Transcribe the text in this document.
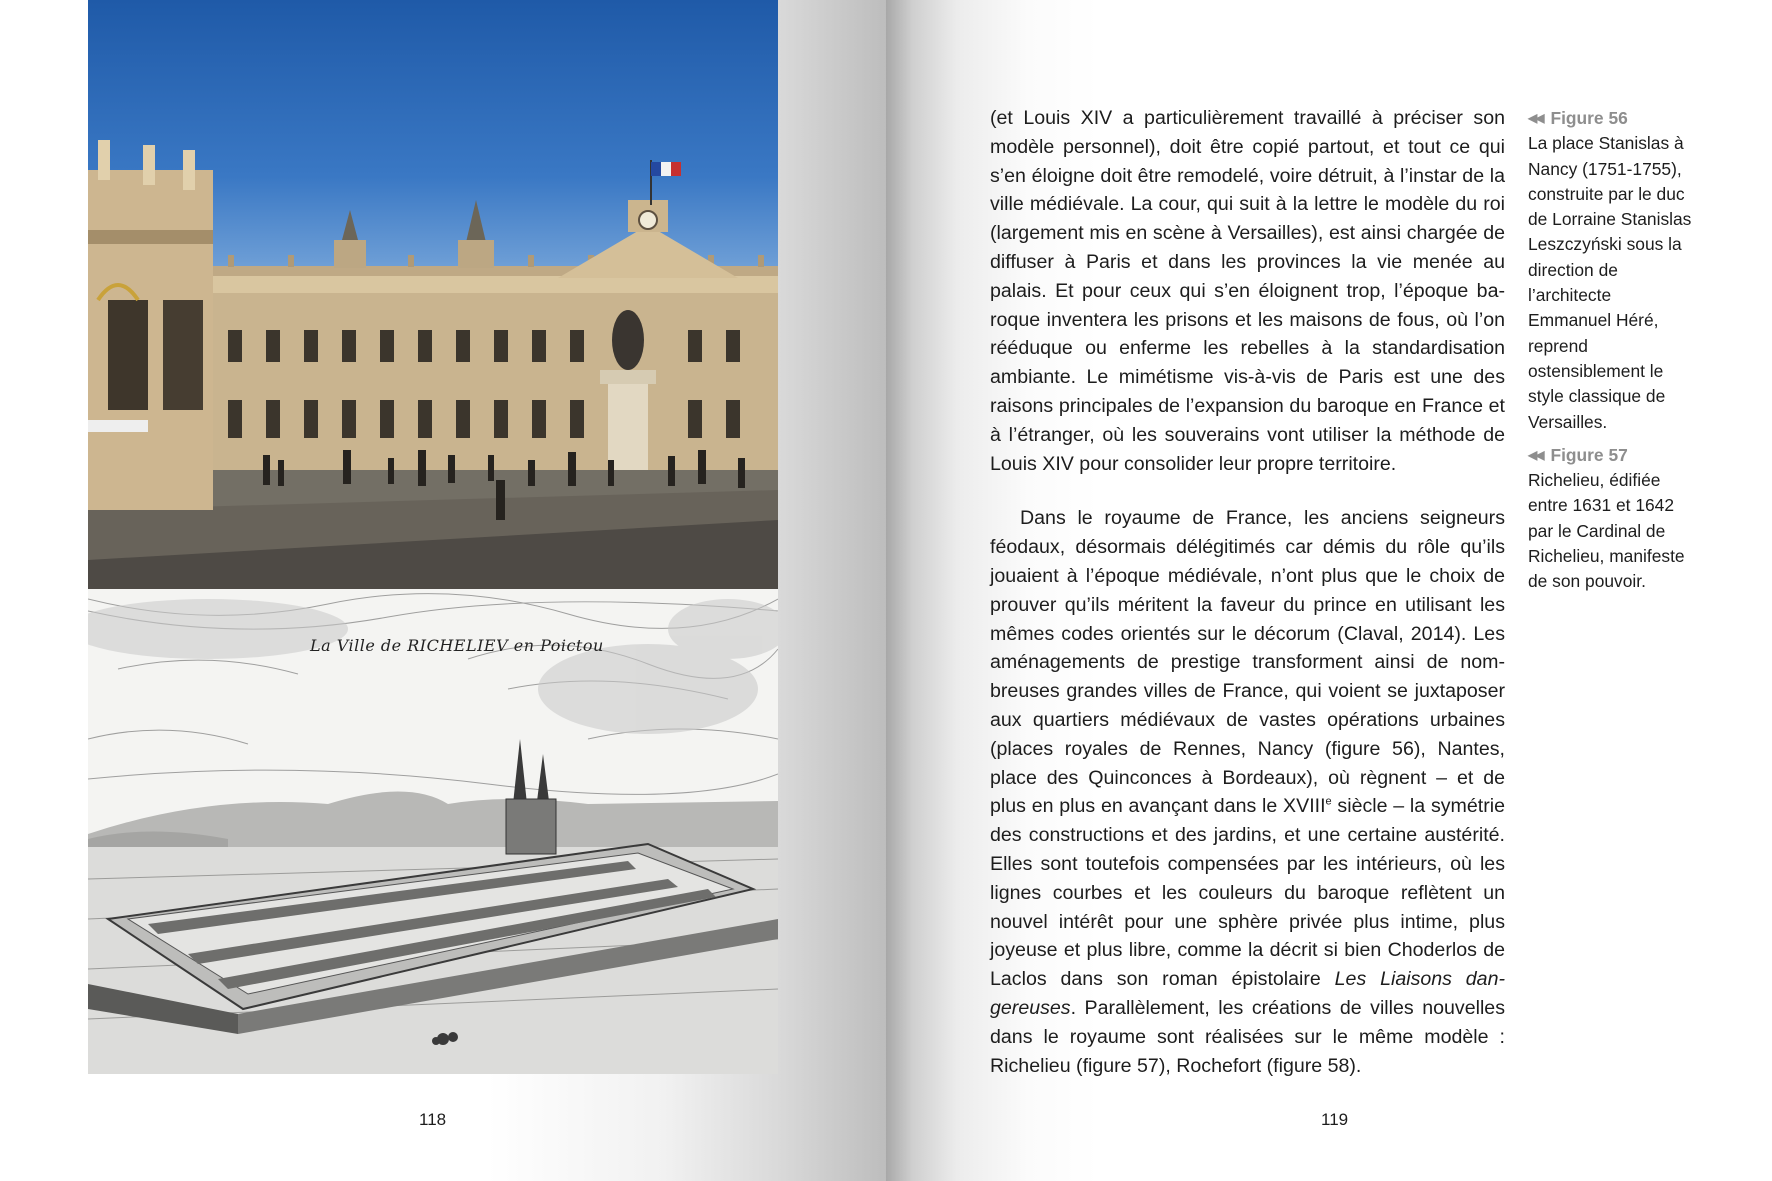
La Ville de RICHELIEV en Poictou
118	119

(et Louis XIV a particulièrement travaillé à préciser son modèle personnel), doit être copié partout, et tout ce qui s’en éloigne doit être remodelé, voire détruit, à l’instar de la ville médiévale. La cour, qui suit à la lettre le modèle du roi (largement mis en scène à Versailles), est ainsi chargée de diffuser à Paris et dans les provinces la vie menée au palais. Et pour ceux qui s’en éloignent trop, l’époque baroque inventera les prisons et les maisons de fous, où l’on rééduque ou enferme les rebelles à la standardisation ambiante. Le mimétisme vis-à-vis de Paris est une des raisons principales de l’expansion du baroque en France et à l’étranger, où les souverains vont utiliser la méthode de Louis XIV pour consolider leur propre territoire.

Dans le royaume de France, les anciens seigneurs féodaux, désormais délégitimés car démis du rôle qu’ils jouaient à l’époque médiévale, n’ont plus que le choix de prouver qu’ils méritent la faveur du prince en utilisant les mêmes codes orientés sur le décorum (Claval, 2014). Les aménagements de prestige transforment ainsi de nombreuses grandes villes de France, qui voient se juxtaposer aux quartiers médiévaux de vastes opérations urbaines (places royales de Rennes, Nancy (figure 56), Nantes, place des Quinconces à Bordeaux), où règnent – et de plus en plus en avançant dans le XVIIIe siècle – la symétrie des constructions et des jardins, et une certaine austérité. Elles sont toutefois compensées par les intérieurs, où les lignes courbes et les couleurs du baroque reflètent un nouvel intérêt pour une sphère privée plus intime, plus joyeuse et plus libre, comme la décrit si bien Choderlos de Laclos dans son roman épistolaire Les Liaisons dangereuses. Parallèlement, les créations de villes nouvelles dans le royaume sont réalisées sur le même modèle : Richelieu (figure 57), Rochefort (figure 58).

◀◀ Figure 56
La place Stanislas à Nancy (1751-1755), construite par le duc de Lorraine Stanislas Leszczyński sous la direction de l’architecte Emmanuel Héré, reprend ostensiblement le style classique de Versailles.
◀◀ Figure 57
Richelieu, édifiée entre 1631 et 1642 par le Cardinal de Richelieu, manifeste de son pouvoir.
